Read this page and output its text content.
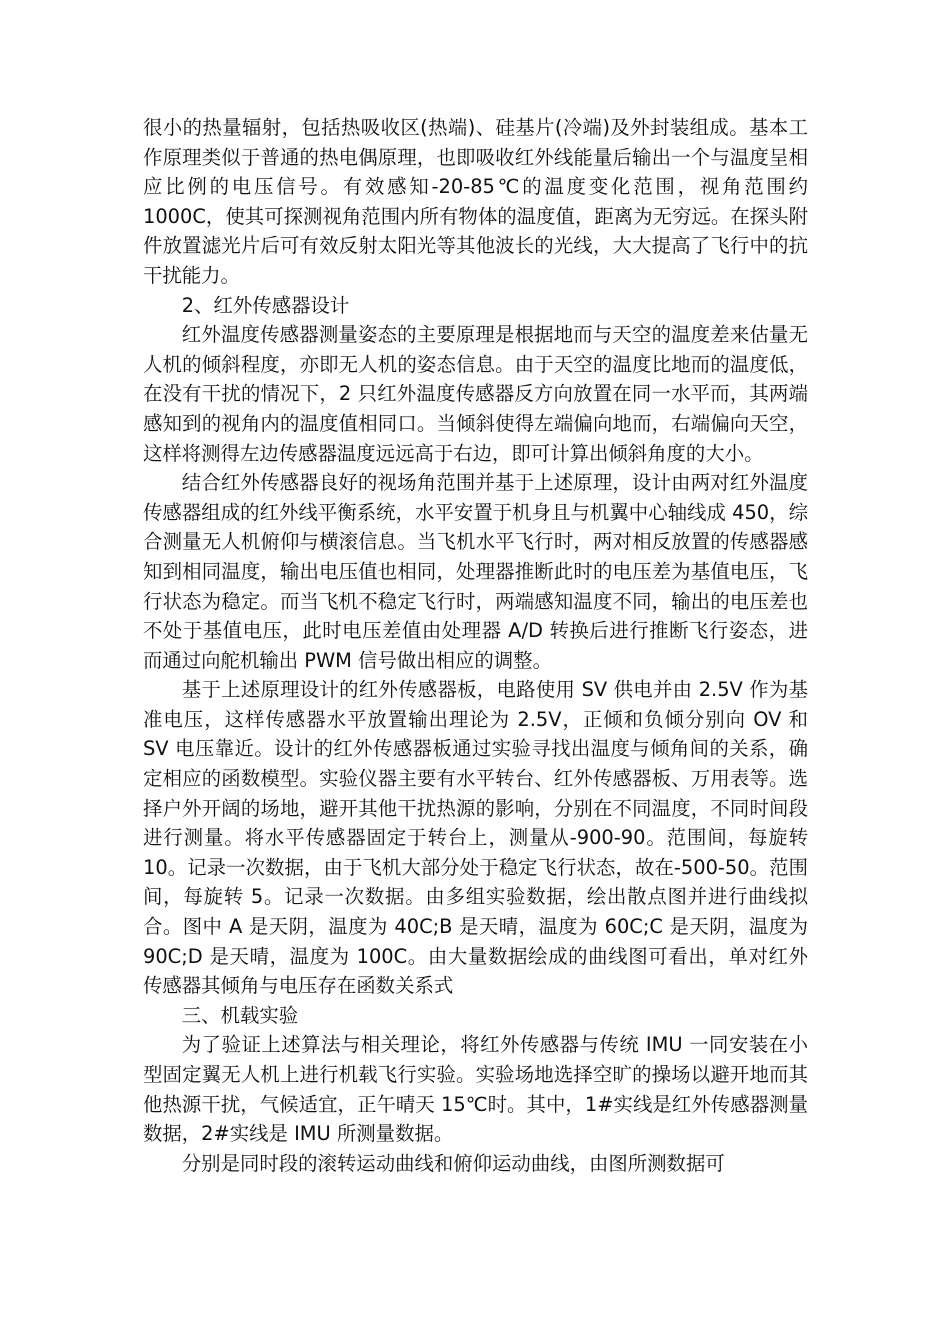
很小的热量辐射，包括热吸收区(热端)、硅基片(冷端)及外封装组成。基本工作原理类似于普通的热电偶原理，也即吸收红外线能量后输出一个与温度呈相应比例的电压信号。有效感知-20-85℃的温度变化范围，视角范围约 1000C，使其可探测视角范围内所有物体的温度值，距离为无穷远。在探头附件放置滤光片后可有效反射太阳光等其他波长的光线，大大提高了飞行中的抗干扰能力。

2、红外传感器设计

红外温度传感器测量姿态的主要原理是根据地而与天空的温度差来估量无人机的倾斜程度，亦即无人机的姿态信息。由于天空的温度比地而的温度低，在没有干扰的情况下，2 只红外温度传感器反方向放置在同一水平而，其两端感知到的视角内的温度值相同口。当倾斜使得左端偏向地而，右端偏向天空，这样将测得左边传感器温度远远高于右边，即可计算出倾斜角度的大小。

结合红外传感器良好的视场角范围并基于上述原理，设计由两对红外温度传感器组成的红外线平衡系统，水平安置于机身且与机翼中心轴线成 450，综合测量无人机俯仰与横滚信息。当飞机水平飞行时，两对相反放置的传感器感知到相同温度，输出电压值也相同，处理器推断此时的电压差为基值电压，飞行状态为稳定。而当飞机不稳定飞行时，两端感知温度不同，输出的电压差也不处于基值电压，此时电压差值由处理器 A/D 转换后进行推断飞行姿态，进而通过向舵机输出 PWM 信号做出相应的调整。

基于上述原理设计的红外传感器板，电路使用 SV 供电并由 2.5V 作为基准电压，这样传感器水平放置输出理论为 2.5V，正倾和负倾分别向 OV 和 SV 电压靠近。设计的红外传感器板通过实验寻找出温度与倾角间的关系，确定相应的函数模型。实验仪器主要有水平转台、红外传感器板、万用表等。选择户外开阔的场地，避开其他干扰热源的影响，分别在不同温度，不同时间段进行测量。将水平传感器固定于转台上，测量从-900-90。范围间，每旋转 10。记录一次数据，由于飞机大部分处于稳定飞行状态，故在-500-50。范围间，每旋转 5。记录一次数据。由多组实验数据，绘出散点图并进行曲线拟合。图中 A 是天阴，温度为 40C;B 是天晴，温度为 60C;C 是天阴，温度为 90C;D 是天晴，温度为 100C。由大量数据绘成的曲线图可看出，单对红外传感器其倾角与电压存在函数关系式

三、机载实验

为了验证上述算法与相关理论，将红外传感器与传统 IMU 一同安装在小型固定翼无人机上进行机载飞行实验。实验场地选择空旷的操场以避开地而其他热源干扰，气候适宜，正午晴天 15℃时。其中，1#实线是红外传感器测量数据，2#实线是 IMU 所测量数据。

分别是同时段的滚转运动曲线和俯仰运动曲线，由图所测数据可
